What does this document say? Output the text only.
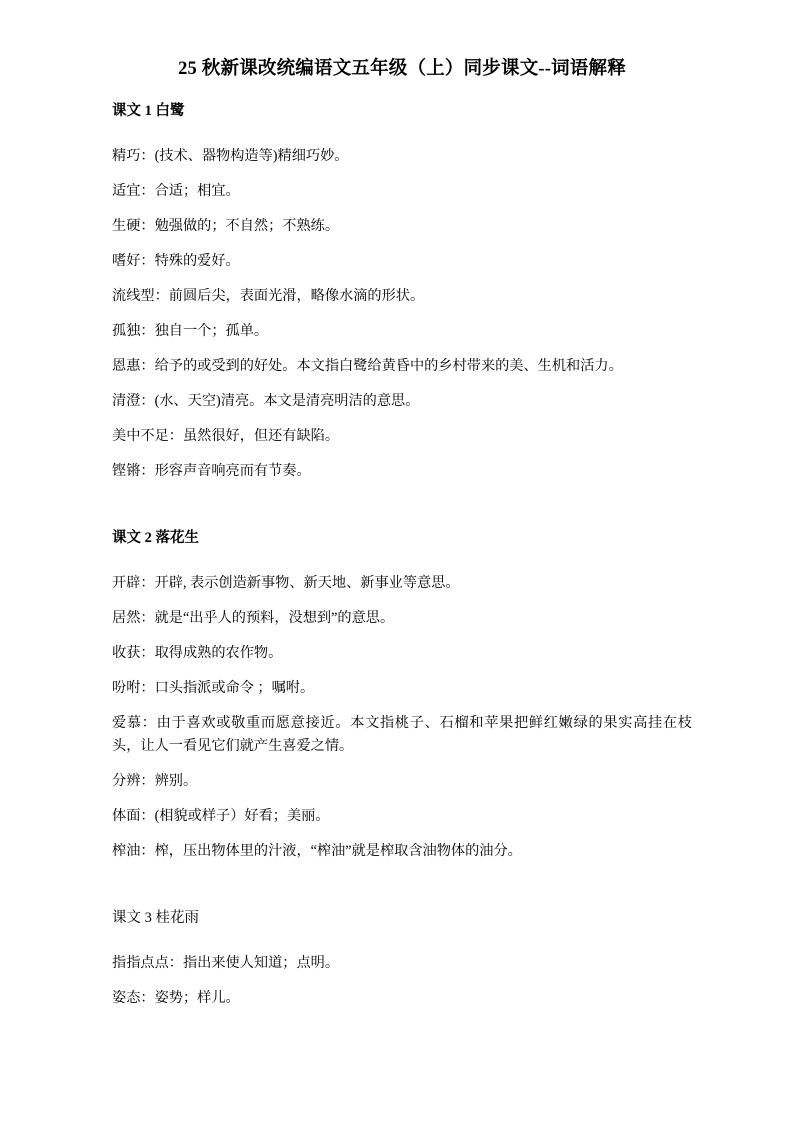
25 秋新课改统编语文五年级（上）同步课文--词语解释
课文 1 白鹭

精巧：(技术、器物构造等)精细巧妙。

适宜：合适；相宜。

生硬：勉强做的；不自然；不熟练。

嗜好：特殊的爱好。

流线型：前圆后尖，表面光滑，略像水滴的形状。

孤独：独自一个；孤单。

恩惠：给予的或受到的好处。本文指白鹭给黄昏中的乡村带来的美、生机和活力。

清澄：(水、天空)清亮。本文是清亮明洁的意思。

美中不足：虽然很好，但还有缺陷。

铿锵：形容声音响亮而有节奏。

课文 2 落花生

开辟：开辟, 表示创造新事物、新天地、新事业等意思。

居然：就是“出乎人的预料，没想到”的意思。

收获：取得成熟的农作物。

吩咐：口头指派或命令 ；嘱咐。

爱慕：由于喜欢或敬重而愿意接近。本文指桃子、石榴和苹果把鲜红嫩绿的果实高挂在枝头，让人一看见它们就产生喜爱之情。

分辨：辨别。

体面：(相貌或样子）好看；美丽。

榨油：榨，压出物体里的汁液，“榨油”就是榨取含油物体的油分。

课文 3 桂花雨

指指点点：指出来使人知道；点明。

姿态：姿势；样儿。
